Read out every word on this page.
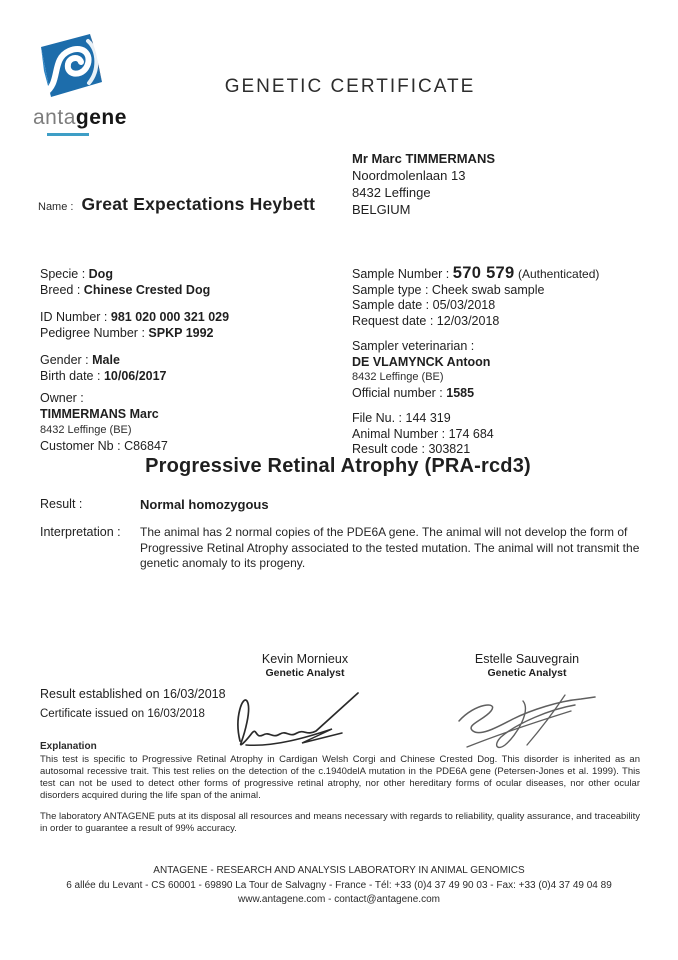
antagene
GENETIC CERTIFICATE
Mr Marc TIMMERMANS
Noordmolenlaan 13
8432 Leffinge
BELGIUM
Name : Great Expectations Heybett
Specie : Dog
Breed : Chinese Crested Dog
ID Number : 981 020 000 321 029
Pedigree Number : SPKP 1992
Gender : Male
Birth date : 10/06/2017
Owner :
TIMMERMANS Marc
8432 Leffinge (BE)
Customer Nb : C86847
Sample Number : 570 579 (Authenticated)
Sample type : Cheek swab sample
Sample date : 05/03/2018
Request date : 12/03/2018
Sampler veterinarian :
DE VLAMYNCK Antoon
8432 Leffinge (BE)
Official number : 1585
File Nu. : 144 319
Animal Number : 174 684
Result code : 303821
Progressive Retinal Atrophy (PRA-rcd3)
Result :	Normal homozygous
Interpretation :	The animal has 2 normal copies of the PDE6A gene. The animal will not develop the form of Progressive Retinal Atrophy associated to the tested mutation. The animal will not transmit the genetic anomaly to its progeny.
Result established on 16/03/2018
Certificate issued on 16/03/2018
Kevin Mornieux
Genetic Analyst
Estelle Sauvegrain
Genetic Analyst
Explanation
This test is specific to Progressive Retinal Atrophy in Cardigan Welsh Corgi and Chinese Crested Dog. This disorder is inherited as an autosomal recessive trait. This test relies on the detection of the c.1940delA mutation in the PDE6A gene (Petersen-Jones et al. 1999). This test can not be used to detect other forms of progressive retinal atrophy, nor other hereditary forms of ocular diseases, nor other ocular disorders acquired during the life span of the animal.
The laboratory ANTAGENE puts at its disposal all resources and means necessary with regards to reliability, quality assurance, and traceability in order to guarantee a result of 99% accuracy.
ANTAGENE - RESEARCH AND ANALYSIS LABORATORY IN ANIMAL GENOMICS
6 allée du Levant - CS 60001 - 69890 La Tour de Salvagny - France - Tél: +33 (0)4 37 49 90 03 - Fax: +33 (0)4 37 49 04 89
www.antagene.com - contact@antagene.com
